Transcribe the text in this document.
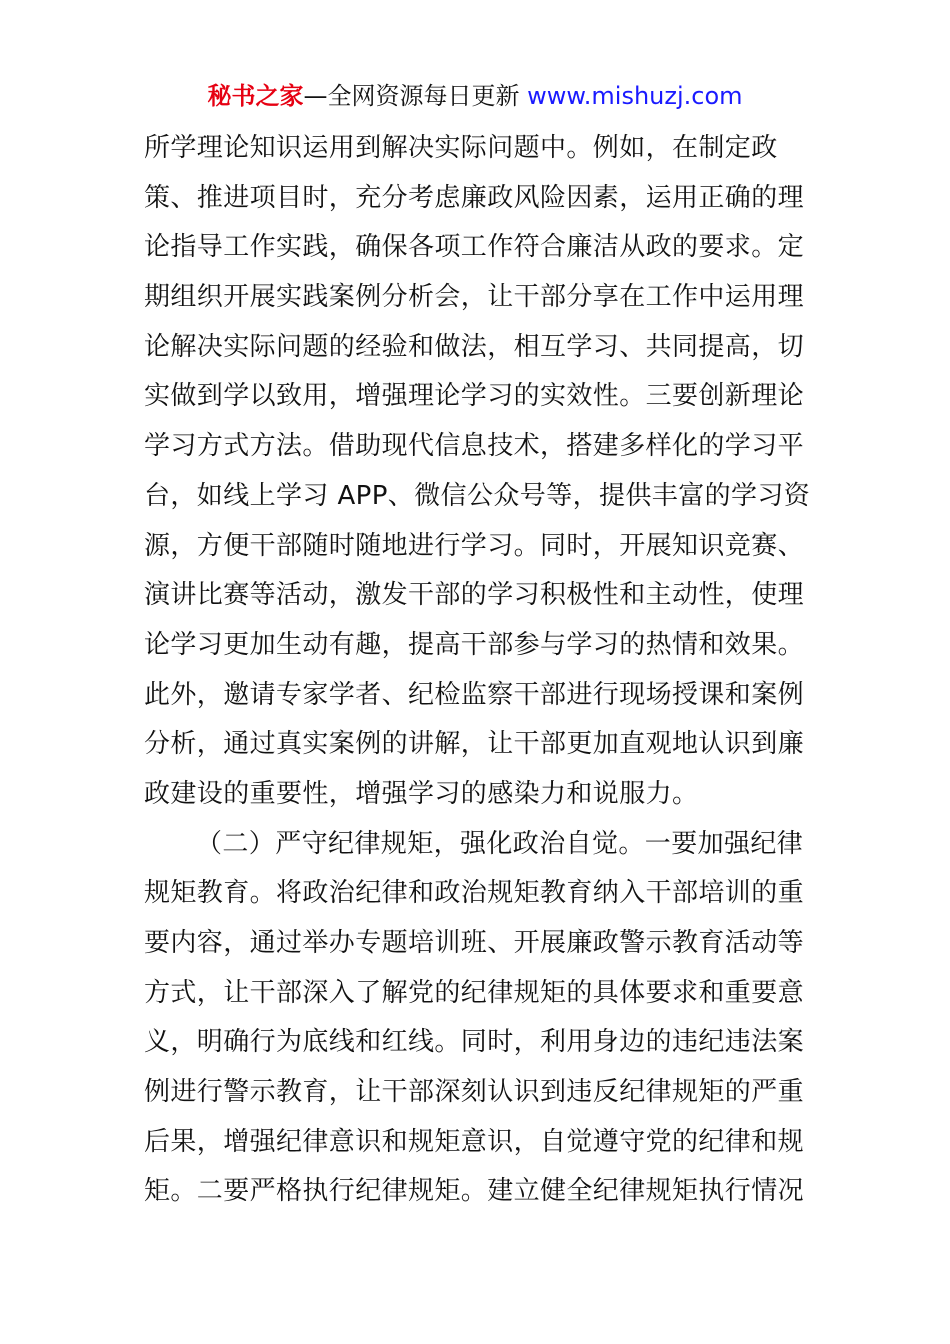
秘书之家—全网资源每日更新 www.mishuzj.com
所学理论知识运用到解决实际问题中。例如，在制定政
策、推进项目时，充分考虑廉政风险因素，运用正确的理
论指导工作实践，确保各项工作符合廉洁从政的要求。定
期组织开展实践案例分析会，让干部分享在工作中运用理
论解决实际问题的经验和做法，相互学习、共同提高，切
实做到学以致用，增强理论学习的实效性。三要创新理论
学习方式方法。借助现代信息技术，搭建多样化的学习平
台，如线上学习 APP、微信公众号等，提供丰富的学习资
源，方便干部随时随地进行学习。同时，开展知识竞赛、
演讲比赛等活动，激发干部的学习积极性和主动性，使理
论学习更加生动有趣，提高干部参与学习的热情和效果。
此外，邀请专家学者、纪检监察干部进行现场授课和案例
分析，通过真实案例的讲解，让干部更加直观地认识到廉
政建设的重要性，增强学习的感染力和说服力。
（二）严守纪律规矩，强化政治自觉。一要加强纪律
规矩教育。将政治纪律和政治规矩教育纳入干部培训的重
要内容，通过举办专题培训班、开展廉政警示教育活动等
方式，让干部深入了解党的纪律规矩的具体要求和重要意
义，明确行为底线和红线。同时，利用身边的违纪违法案
例进行警示教育，让干部深刻认识到违反纪律规矩的严重
后果，增强纪律意识和规矩意识，自觉遵守党的纪律和规
矩。二要严格执行纪律规矩。建立健全纪律规矩执行情况
